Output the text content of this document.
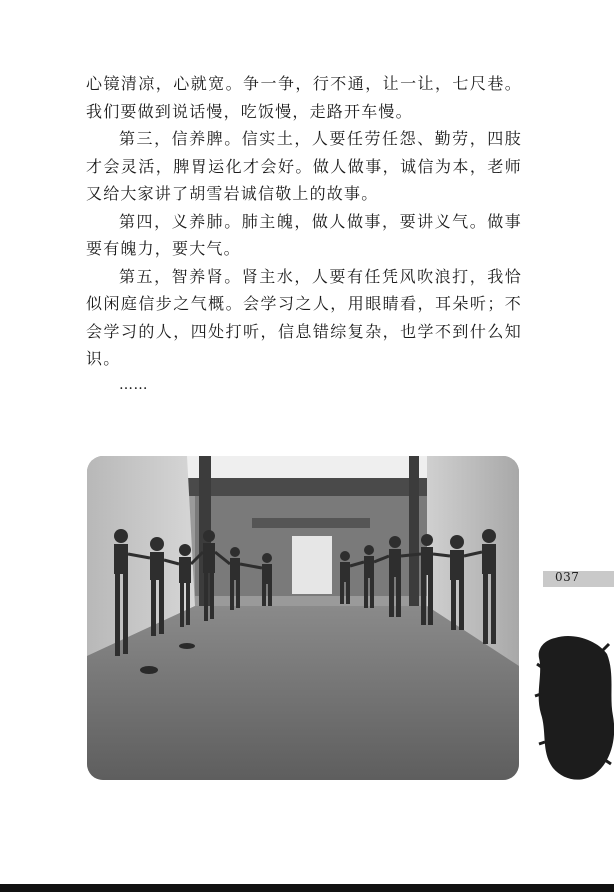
心镜清凉，心就宽。争一争，行不通，让一让，七尺巷。我们要做到说话慢，吃饭慢，走路开车慢。

第三，信养脾。信实土，人要任劳任怨、勤劳，四肢才会灵活，脾胃运化才会好。做人做事，诚信为本，老师又给大家讲了胡雪岩诚信敬上的故事。

第四，义养肺。肺主魄，做人做事，要讲义气。做事要有魄力，要大气。

第五，智养肾。肾主水，人要有任凭风吹浪打，我恰似闲庭信步之气概。会学习之人，用眼睛看，耳朵听；不会学习的人，四处打听，信息错综复杂，也学不到什么知识。

……

037
